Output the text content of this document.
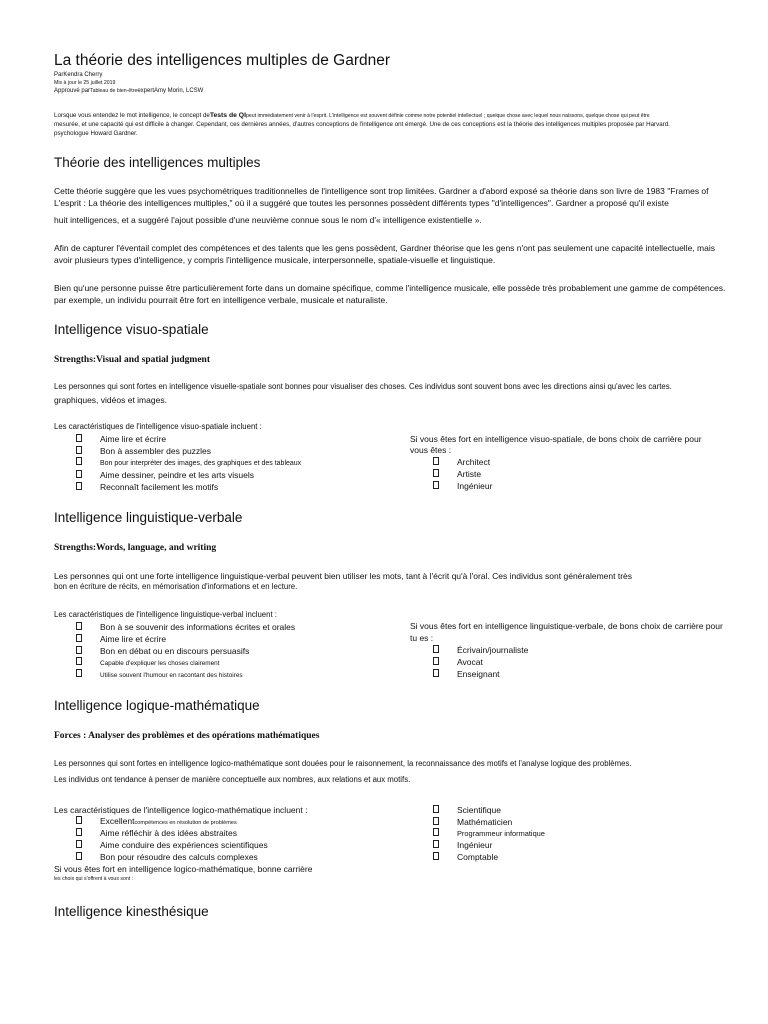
La théorie des intelligences multiples de Gardner
ParKendra Cherry
Mis à jour le 25 juillet 2019
Approuvé parTableau de bien-êtreexpertAmy Morin, LCSW
Lorsque vous entendez le mot intelligence, le concept deTests de QIpeut immédiatement venir à l'esprit. L'intelligence est souvent définie comme notre potentiel intellectuel ; quelque chose avec lequel nous naissons, quelque chose qui peut être
mesurée, et une capacité qui est difficile à changer. Cependant, ces dernières années, d'autres conceptions de l'intelligence ont émergé. Une de ces conceptions est la théorie des intelligences multiples proposée par Harvard.
psychologue Howard Gardner.
Théorie des intelligences multiples
Cette théorie suggère que les vues psychométriques traditionnelles de l'intelligence sont trop limitées. Gardner a d'abord exposé sa théorie dans son livre de 1983 "Frames of
L'esprit : La théorie des intelligences multiples," où il a suggéré que toutes les personnes possèdent différents types "d'intelligences". Gardner a proposé qu'il existe
huit intelligences, et a suggéré l'ajout possible d'une neuvième connue sous le nom d'« intelligence existentielle ».
Afin de capturer l'éventail complet des compétences et des talents que les gens possèdent, Gardner théorise que les gens n'ont pas seulement une capacité intellectuelle, mais
avoir plusieurs types d'intelligence, y compris l'intelligence musicale, interpersonnelle, spatiale-visuelle et linguistique.
Bien qu'une personne puisse être particulièrement forte dans un domaine spécifique, comme l'intelligence musicale, elle possède très probablement une gamme de compétences.
par exemple, un individu pourrait être fort en intelligence verbale, musicale et naturaliste.
Intelligence visuo-spatiale
Strengths:Visual and spatial judgment
Les personnes qui sont fortes en intelligence visuelle-spatiale sont bonnes pour visualiser des choses. Ces individus sont souvent bons avec les directions ainsi qu'avec les cartes.
graphiques, vidéos et images.
Les caractéristiques de l'intelligence visuo-spatiale incluent :
Aime lire et écrire
Bon à assembler des puzzles
Bon pour interpréter des images, des graphiques et des tableaux
Aime dessiner, peindre et les arts visuels
Reconnaît facilement les motifs
Si vous êtes fort en intelligence visuo-spatiale, de bons choix de carrière pour
vous êtes :
Architect
Artiste
Ingénieur
Intelligence linguistique-verbale
Strengths:Words, language, and writing
Les personnes qui ont une forte intelligence linguistique-verbal peuvent bien utiliser les mots, tant à l'écrit qu'à l'oral. Ces individus sont généralement très
bon en écriture de récits, en mémorisation d'informations et en lecture.
Les caractéristiques de l'intelligence linguistique-verbal incluent :
Bon à se souvenir des informations écrites et orales
Aime lire et écrire
Bon en débat ou en discours persuasifs
Capable d'expliquer les choses clairement
Utilise souvent l'humour en racontant des histoires
Si vous êtes fort en intelligence linguistique-verbale, de bons choix de carrière pour
tu es :
Écrivain/journaliste
Avocat
Enseignant
Intelligence logique-mathématique
Forces : Analyser des problèmes et des opérations mathématiques
Les personnes qui sont fortes en intelligence logico-mathématique sont douées pour le raisonnement, la reconnaissance des motifs et l'analyse logique des problèmes.
Les individus ont tendance à penser de manière conceptuelle aux nombres, aux relations et aux motifs.
Les caractéristiques de l'intelligence logico-mathématique incluent :
Excellentcompétences en résolution de problèmes
Aime réfléchir à des idées abstraites
Aime conduire des expériences scientifiques
Bon pour résoudre des calculs complexes
Si vous êtes fort en intelligence logico-mathématique, bonne carrière
les choix qui s'offrent à vous sont :
Scientifique
Mathématicien
Programmeur informatique
Ingénieur
Comptable
Intelligence kinesthésique
